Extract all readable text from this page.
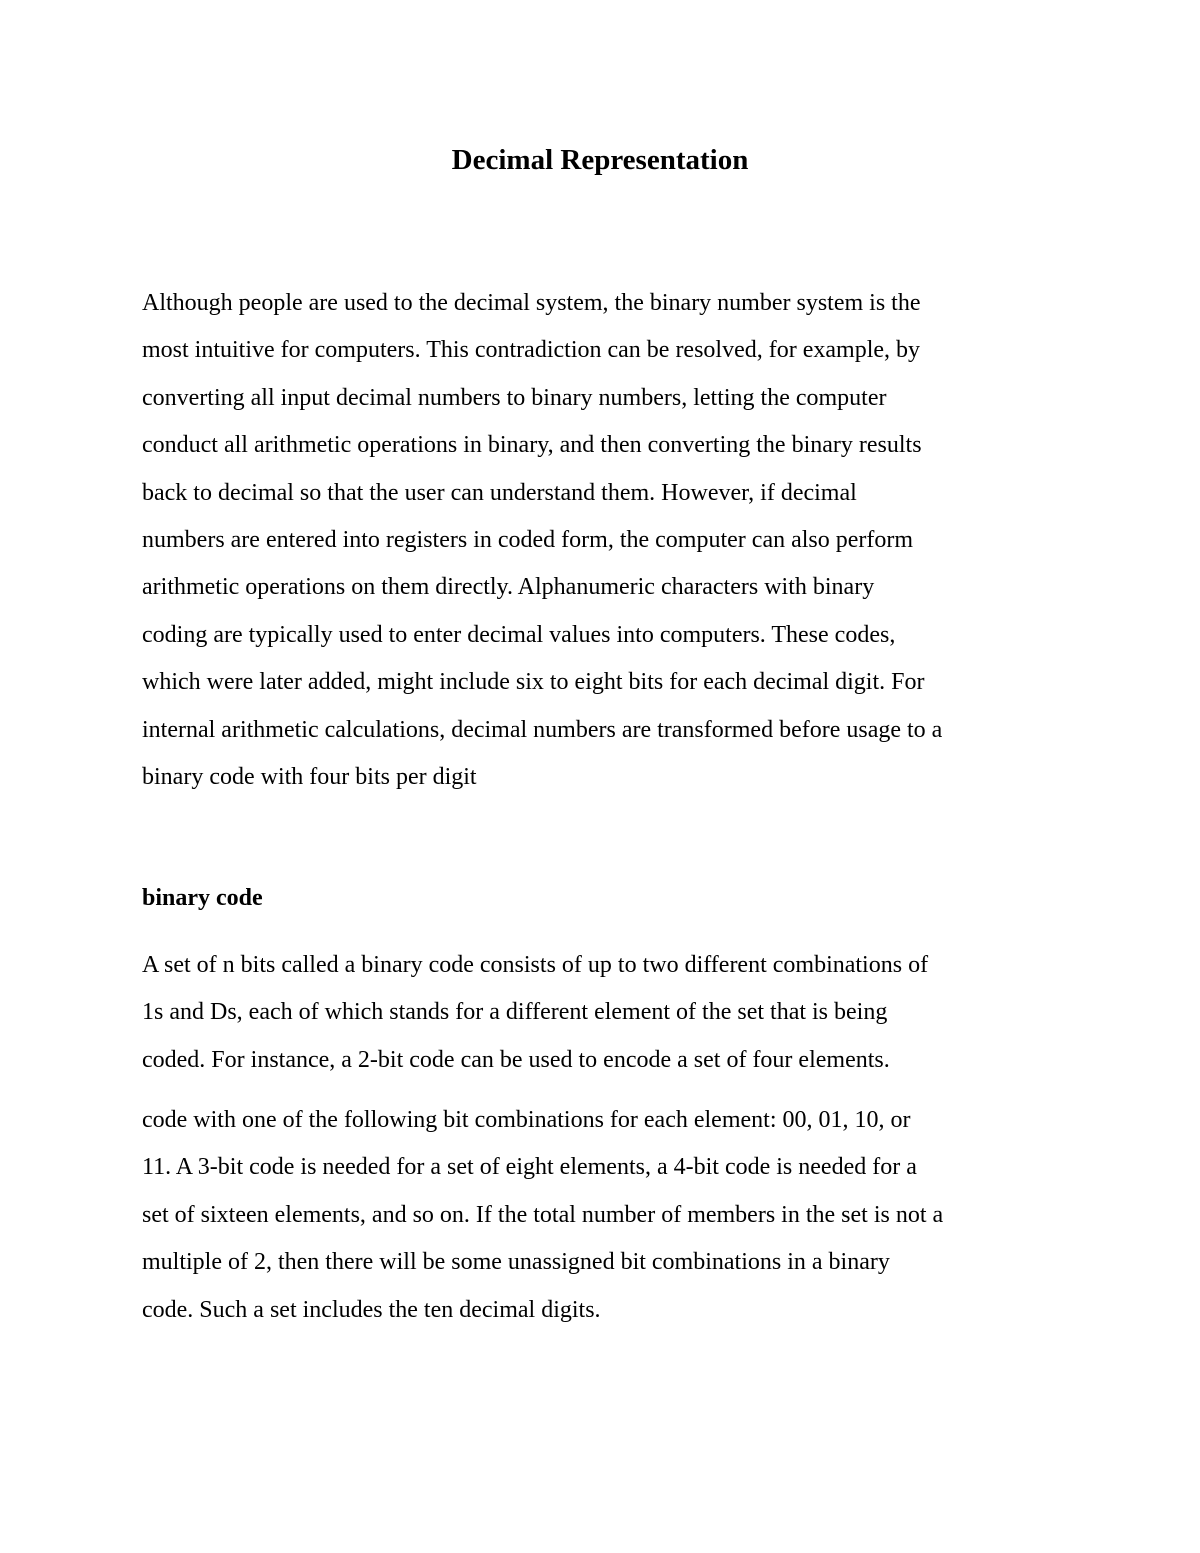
Decimal Representation

Although people are used to the decimal system, the binary number system is the
most intuitive for computers. This contradiction can be resolved, for example, by
converting all input decimal numbers to binary numbers, letting the computer
conduct all arithmetic operations in binary, and then converting the binary results
back to decimal so that the user can understand them. However, if decimal
numbers are entered into registers in coded form, the computer can also perform
arithmetic operations on them directly. Alphanumeric characters with binary
coding are typically used to enter decimal values into computers. These codes,
which were later added, might include six to eight bits for each decimal digit. For
internal arithmetic calculations, decimal numbers are transformed before usage to a
binary code with four bits per digit

binary code

A set of n bits called a binary code consists of up to two different combinations of
1s and Ds, each of which stands for a different element of the set that is being
coded. For instance, a 2-bit code can be used to encode a set of four elements.

code with one of the following bit combinations for each element: 00, 01, 10, or
11. A 3-bit code is needed for a set of eight elements, a 4-bit code is needed for a
set of sixteen elements, and so on. If the total number of members in the set is not a
multiple of 2, then there will be some unassigned bit combinations in a binary
code. Such a set includes the ten decimal digits.
